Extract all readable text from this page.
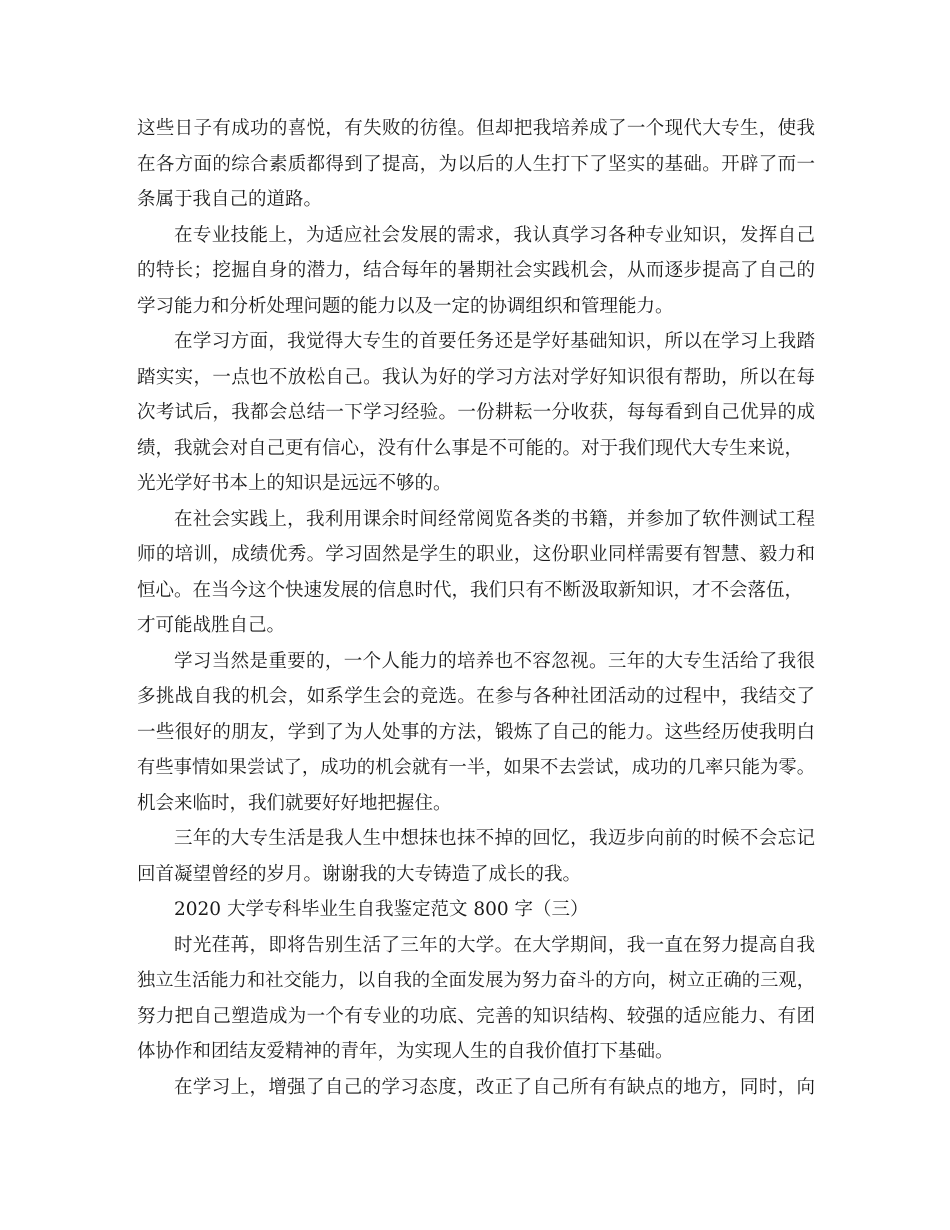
这些日子有成功的喜悦，有失败的彷徨。但却把我培养成了一个现代大专生，使我
在各方面的综合素质都得到了提高，为以后的人生打下了坚实的基础。开辟了而一
条属于我自己的道路。
在专业技能上，为适应社会发展的需求，我认真学习各种专业知识，发挥自己
的特长；挖掘自身的潜力，结合每年的暑期社会实践机会，从而逐步提高了自己的
学习能力和分析处理问题的能力以及一定的协调组织和管理能力。
在学习方面，我觉得大专生的首要任务还是学好基础知识，所以在学习上我踏
踏实实，一点也不放松自己。我认为好的学习方法对学好知识很有帮助，所以在每
次考试后，我都会总结一下学习经验。一份耕耘一分收获，每每看到自己优异的成
绩，我就会对自己更有信心，没有什么事是不可能的。对于我们现代大专生来说，
光光学好书本上的知识是远远不够的。
在社会实践上，我利用课余时间经常阅览各类的书籍，并参加了软件测试工程
师的培训，成绩优秀。学习固然是学生的职业，这份职业同样需要有智慧、毅力和
恒心。在当今这个快速发展的信息时代，我们只有不断汲取新知识，才不会落伍，
才可能战胜自己。
学习当然是重要的，一个人能力的培养也不容忽视。三年的大专生活给了我很
多挑战自我的机会，如系学生会的竞选。在参与各种社团活动的过程中，我结交了
一些很好的朋友，学到了为人处事的方法，锻炼了自己的能力。这些经历使我明白
有些事情如果尝试了，成功的机会就有一半，如果不去尝试，成功的几率只能为零。
机会来临时，我们就要好好地把握住。
三年的大专生活是我人生中想抹也抹不掉的回忆，我迈步向前的时候不会忘记
回首凝望曾经的岁月。谢谢我的大专铸造了成长的我。
2020 大学专科毕业生自我鉴定范文 800 字（三）
时光荏苒，即将告别生活了三年的大学。在大学期间，我一直在努力提高自我
独立生活能力和社交能力，以自我的全面发展为努力奋斗的方向，树立正确的三观，
努力把自己塑造成为一个有专业的功底、完善的知识结构、较强的适应能力、有团
体协作和团结友爱精神的青年，为实现人生的自我价值打下基础。
在学习上，增强了自己的学习态度，改正了自己所有有缺点的地方，同时，向
